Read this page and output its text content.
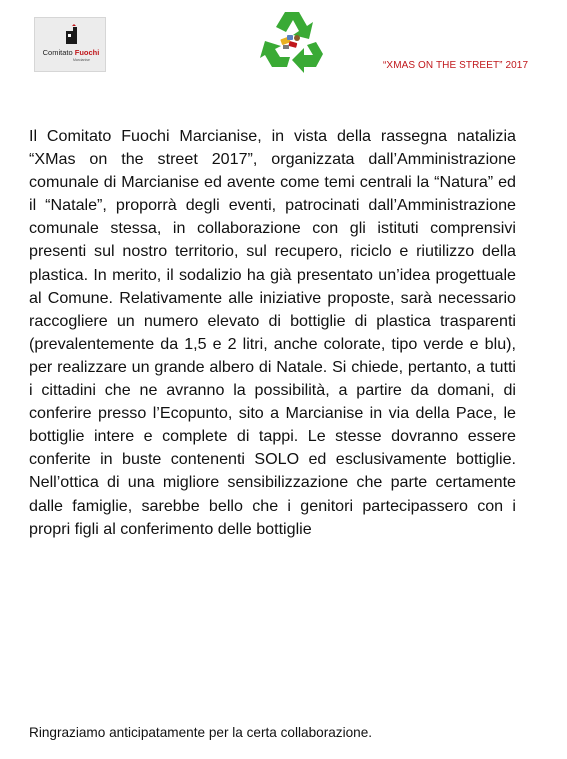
Comitato Fuochi
Marcianise	“XMAS ON THE STREET” 2017

Il Comitato Fuochi Marcianise, in vista della rassegna natalizia “XMas on the street 2017”, organizzata dall’Amministrazione comunale di Marcianise ed avente come temi centrali la “Natura” ed il “Natale”, proporrà degli eventi, patrocinati dall’Amministrazione comunale stessa, in collaborazione con gli istituti comprensivi presenti sul nostro territorio, sul recupero, riciclo e riutilizzo della plastica. In merito, il sodalizio ha già presentato un’idea progettuale al Comune. Relativamente alle iniziative proposte, sarà necessario raccogliere un numero elevato di bottiglie di plastica trasparenti (prevalentemente da 1,5 e 2 litri, anche colorate, tipo verde e blu), per realizzare un grande albero di Natale. Si chiede, pertanto, a tutti i cittadini che ne avranno la possibilità, a partire da domani, di conferire presso l’Ecopunto, sito a Marcianise in via della Pace, le bottiglie intere e complete di tappi. Le stesse dovranno essere conferite in buste contenenti SOLO ed esclusivamente bottiglie. Nell’ottica di una migliore sensibilizzazione che parte certamente dalle famiglie, sarebbe bello che i genitori partecipassero con i propri figli al conferimento delle bottiglie

Ringraziamo anticipatamente per la certa collaborazione.
